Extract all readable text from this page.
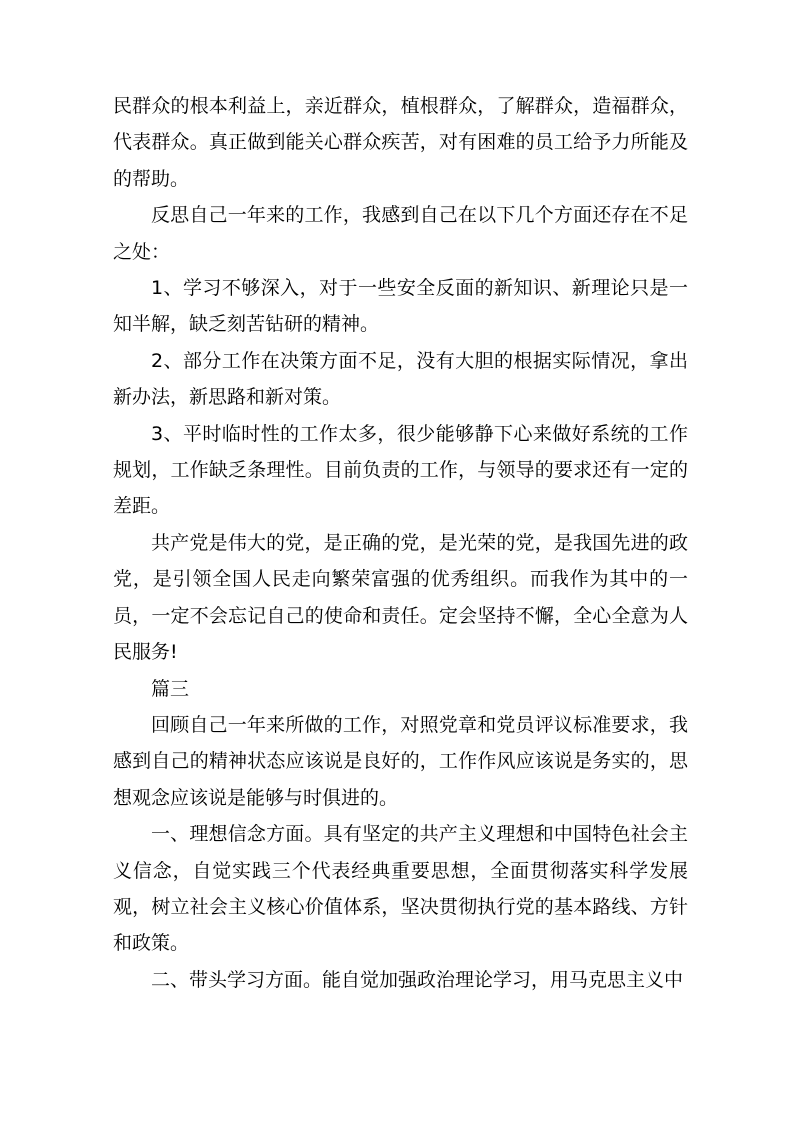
民群众的根本利益上，亲近群众，植根群众，了解群众，造福群众，代表群众。真正做到能关心群众疾苦，对有困难的员工给予力所能及的帮助。

反思自己一年来的工作，我感到自己在以下几个方面还存在不足之处：

1、学习不够深入，对于一些安全反面的新知识、新理论只是一知半解，缺乏刻苦钻研的精神。

2、部分工作在决策方面不足，没有大胆的根据实际情况，拿出新办法，新思路和新对策。

3、平时临时性的工作太多，很少能够静下心来做好系统的工作规划，工作缺乏条理性。目前负责的工作，与领导的要求还有一定的差距。

共产党是伟大的党，是正确的党，是光荣的党，是我国先进的政党，是引领全国人民走向繁荣富强的优秀组织。而我作为其中的一员，一定不会忘记自己的使命和责任。定会坚持不懈，全心全意为人民服务!

篇三

回顾自己一年来所做的工作，对照党章和党员评议标准要求，我感到自己的精神状态应该说是良好的，工作作风应该说是务实的，思想观念应该说是能够与时俱进的。

一、理想信念方面。具有坚定的共产主义理想和中国特色社会主义信念，自觉实践三个代表经典重要思想，全面贯彻落实科学发展观，树立社会主义核心价值体系，坚决贯彻执行党的基本路线、方针和政策。

二、带头学习方面。能自觉加强政治理论学习，用马克思主义中
